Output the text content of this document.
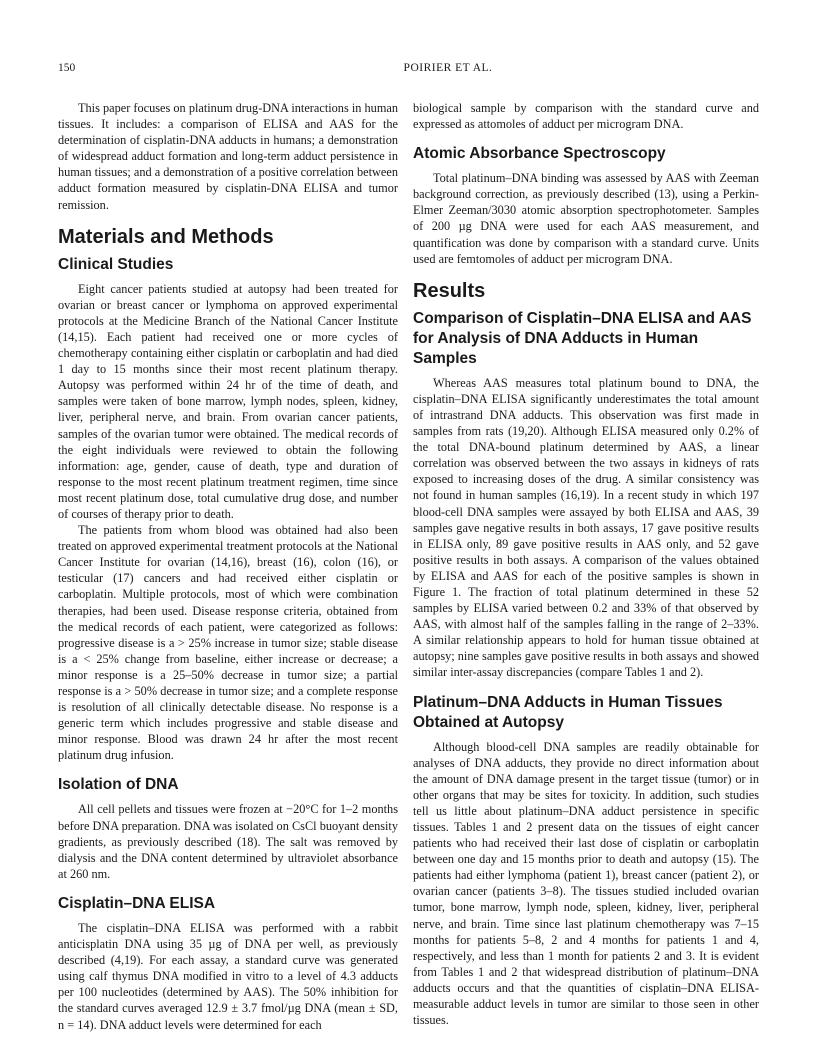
150	POIRIER ET AL.

This paper focuses on platinum drug-DNA interactions in human tissues. It includes: a comparison of ELISA and AAS for the determination of cisplatin-DNA adducts in humans; a demonstration of widespread adduct formation and long-term adduct persistence in human tissues; and a demonstration of a positive correlation between adduct formation measured by cisplatin-DNA ELISA and tumor remission.

Materials and Methods
Clinical Studies

Eight cancer patients studied at autopsy had been treated for ovarian or breast cancer or lymphoma on approved experimental protocols at the Medicine Branch of the National Cancer Institute (14,15). Each patient had received one or more cycles of chemotherapy containing either cisplatin or carboplatin and had died 1 day to 15 months since their most recent platinum therapy. Autopsy was performed within 24 hr of the time of death, and samples were taken of bone marrow, lymph nodes, spleen, kidney, liver, peripheral nerve, and brain. From ovarian cancer patients, samples of the ovarian tumor were obtained. The medical records of the eight individuals were reviewed to obtain the following information: age, gender, cause of death, type and duration of response to the most recent platinum treatment regimen, time since most recent platinum dose, total cumulative drug dose, and number of courses of therapy prior to death.

The patients from whom blood was obtained had also been treated on approved experimental treatment protocols at the National Cancer Institute for ovarian (14,16), breast (16), colon (16), or testicular (17) cancers and had received either cisplatin or carboplatin. Multiple protocols, most of which were combination therapies, had been used. Disease response criteria, obtained from the medical records of each patient, were categorized as follows: progressive disease is a > 25% increase in tumor size; stable disease is a < 25% change from baseline, either increase or decrease; a minor response is a 25–50% decrease in tumor size; a partial response is a > 50% decrease in tumor size; and a complete response is resolution of all clinically detectable disease. No response is a generic term which includes progressive and stable disease and minor response. Blood was drawn 24 hr after the most recent platinum drug infusion.

Isolation of DNA

All cell pellets and tissues were frozen at −20°C for 1–2 months before DNA preparation. DNA was isolated on CsCl buoyant density gradients, as previously described (18). The salt was removed by dialysis and the DNA content determined by ultraviolet absorbance at 260 nm.

Cisplatin–DNA ELISA

The cisplatin–DNA ELISA was performed with a rabbit anticisplatin DNA using 35 µg of DNA per well, as previously described (4,19). For each assay, a standard curve was generated using calf thymus DNA modified in vitro to a level of 4.3 adducts per 100 nucleotides (determined by AAS). The 50% inhibition for the standard curves averaged 12.9 ± 3.7 fmol/µg DNA (mean ± SD, n = 14). DNA adduct levels were determined for each

biological sample by comparison with the standard curve and expressed as attomoles of adduct per microgram DNA.

Atomic Absorbance Spectroscopy

Total platinum–DNA binding was assessed by AAS with Zeeman background correction, as previously described (13), using a Perkin-Elmer Zeeman/3030 atomic absorption spectrophotometer. Samples of 200 µg DNA were used for each AAS measurement, and quantification was done by comparison with a standard curve. Units used are femtomoles of adduct per microgram DNA.

Results
Comparison of Cisplatin–DNA ELISA and AAS for Analysis of DNA Adducts in Human Samples

Whereas AAS measures total platinum bound to DNA, the cisplatin–DNA ELISA significantly underestimates the total amount of intrastrand DNA adducts. This observation was first made in samples from rats (19,20). Although ELISA measured only 0.2% of the total DNA-bound platinum determined by AAS, a linear correlation was observed between the two assays in kidneys of rats exposed to increasing doses of the drug. A similar consistency was not found in human samples (16,19). In a recent study in which 197 blood-cell DNA samples were assayed by both ELISA and AAS, 39 samples gave negative results in both assays, 17 gave positive results in ELISA only, 89 gave positive results in AAS only, and 52 gave positive results in both assays. A comparison of the values obtained by ELISA and AAS for each of the positive samples is shown in Figure 1. The fraction of total platinum determined in these 52 samples by ELISA varied between 0.2 and 33% of that observed by AAS, with almost half of the samples falling in the range of 2–33%. A similar relationship appears to hold for human tissue obtained at autopsy; nine samples gave positive results in both assays and showed similar inter-assay discrepancies (compare Tables 1 and 2).

Platinum–DNA Adducts in Human Tissues Obtained at Autopsy

Although blood-cell DNA samples are readily obtainable for analyses of DNA adducts, they provide no direct information about the amount of DNA damage present in the target tissue (tumor) or in other organs that may be sites for toxicity. In addition, such studies tell us little about platinum–DNA adduct persistence in specific tissues. Tables 1 and 2 present data on the tissues of eight cancer patients who had received their last dose of cisplatin or carboplatin between one day and 15 months prior to death and autopsy (15). The patients had either lymphoma (patient 1), breast cancer (patient 2), or ovarian cancer (patients 3–8). The tissues studied included ovarian tumor, bone marrow, lymph node, spleen, kidney, liver, peripheral nerve, and brain. Time since last platinum chemotherapy was 7–15 months for patients 5–8, 2 and 4 months for patients 1 and 4, respectively, and less than 1 month for patients 2 and 3. It is evident from Tables 1 and 2 that widespread distribution of platinum–DNA adducts occurs and that the quantities of cisplatin–DNA ELISA-measurable adduct levels in tumor are similar to those seen in other tissues.
